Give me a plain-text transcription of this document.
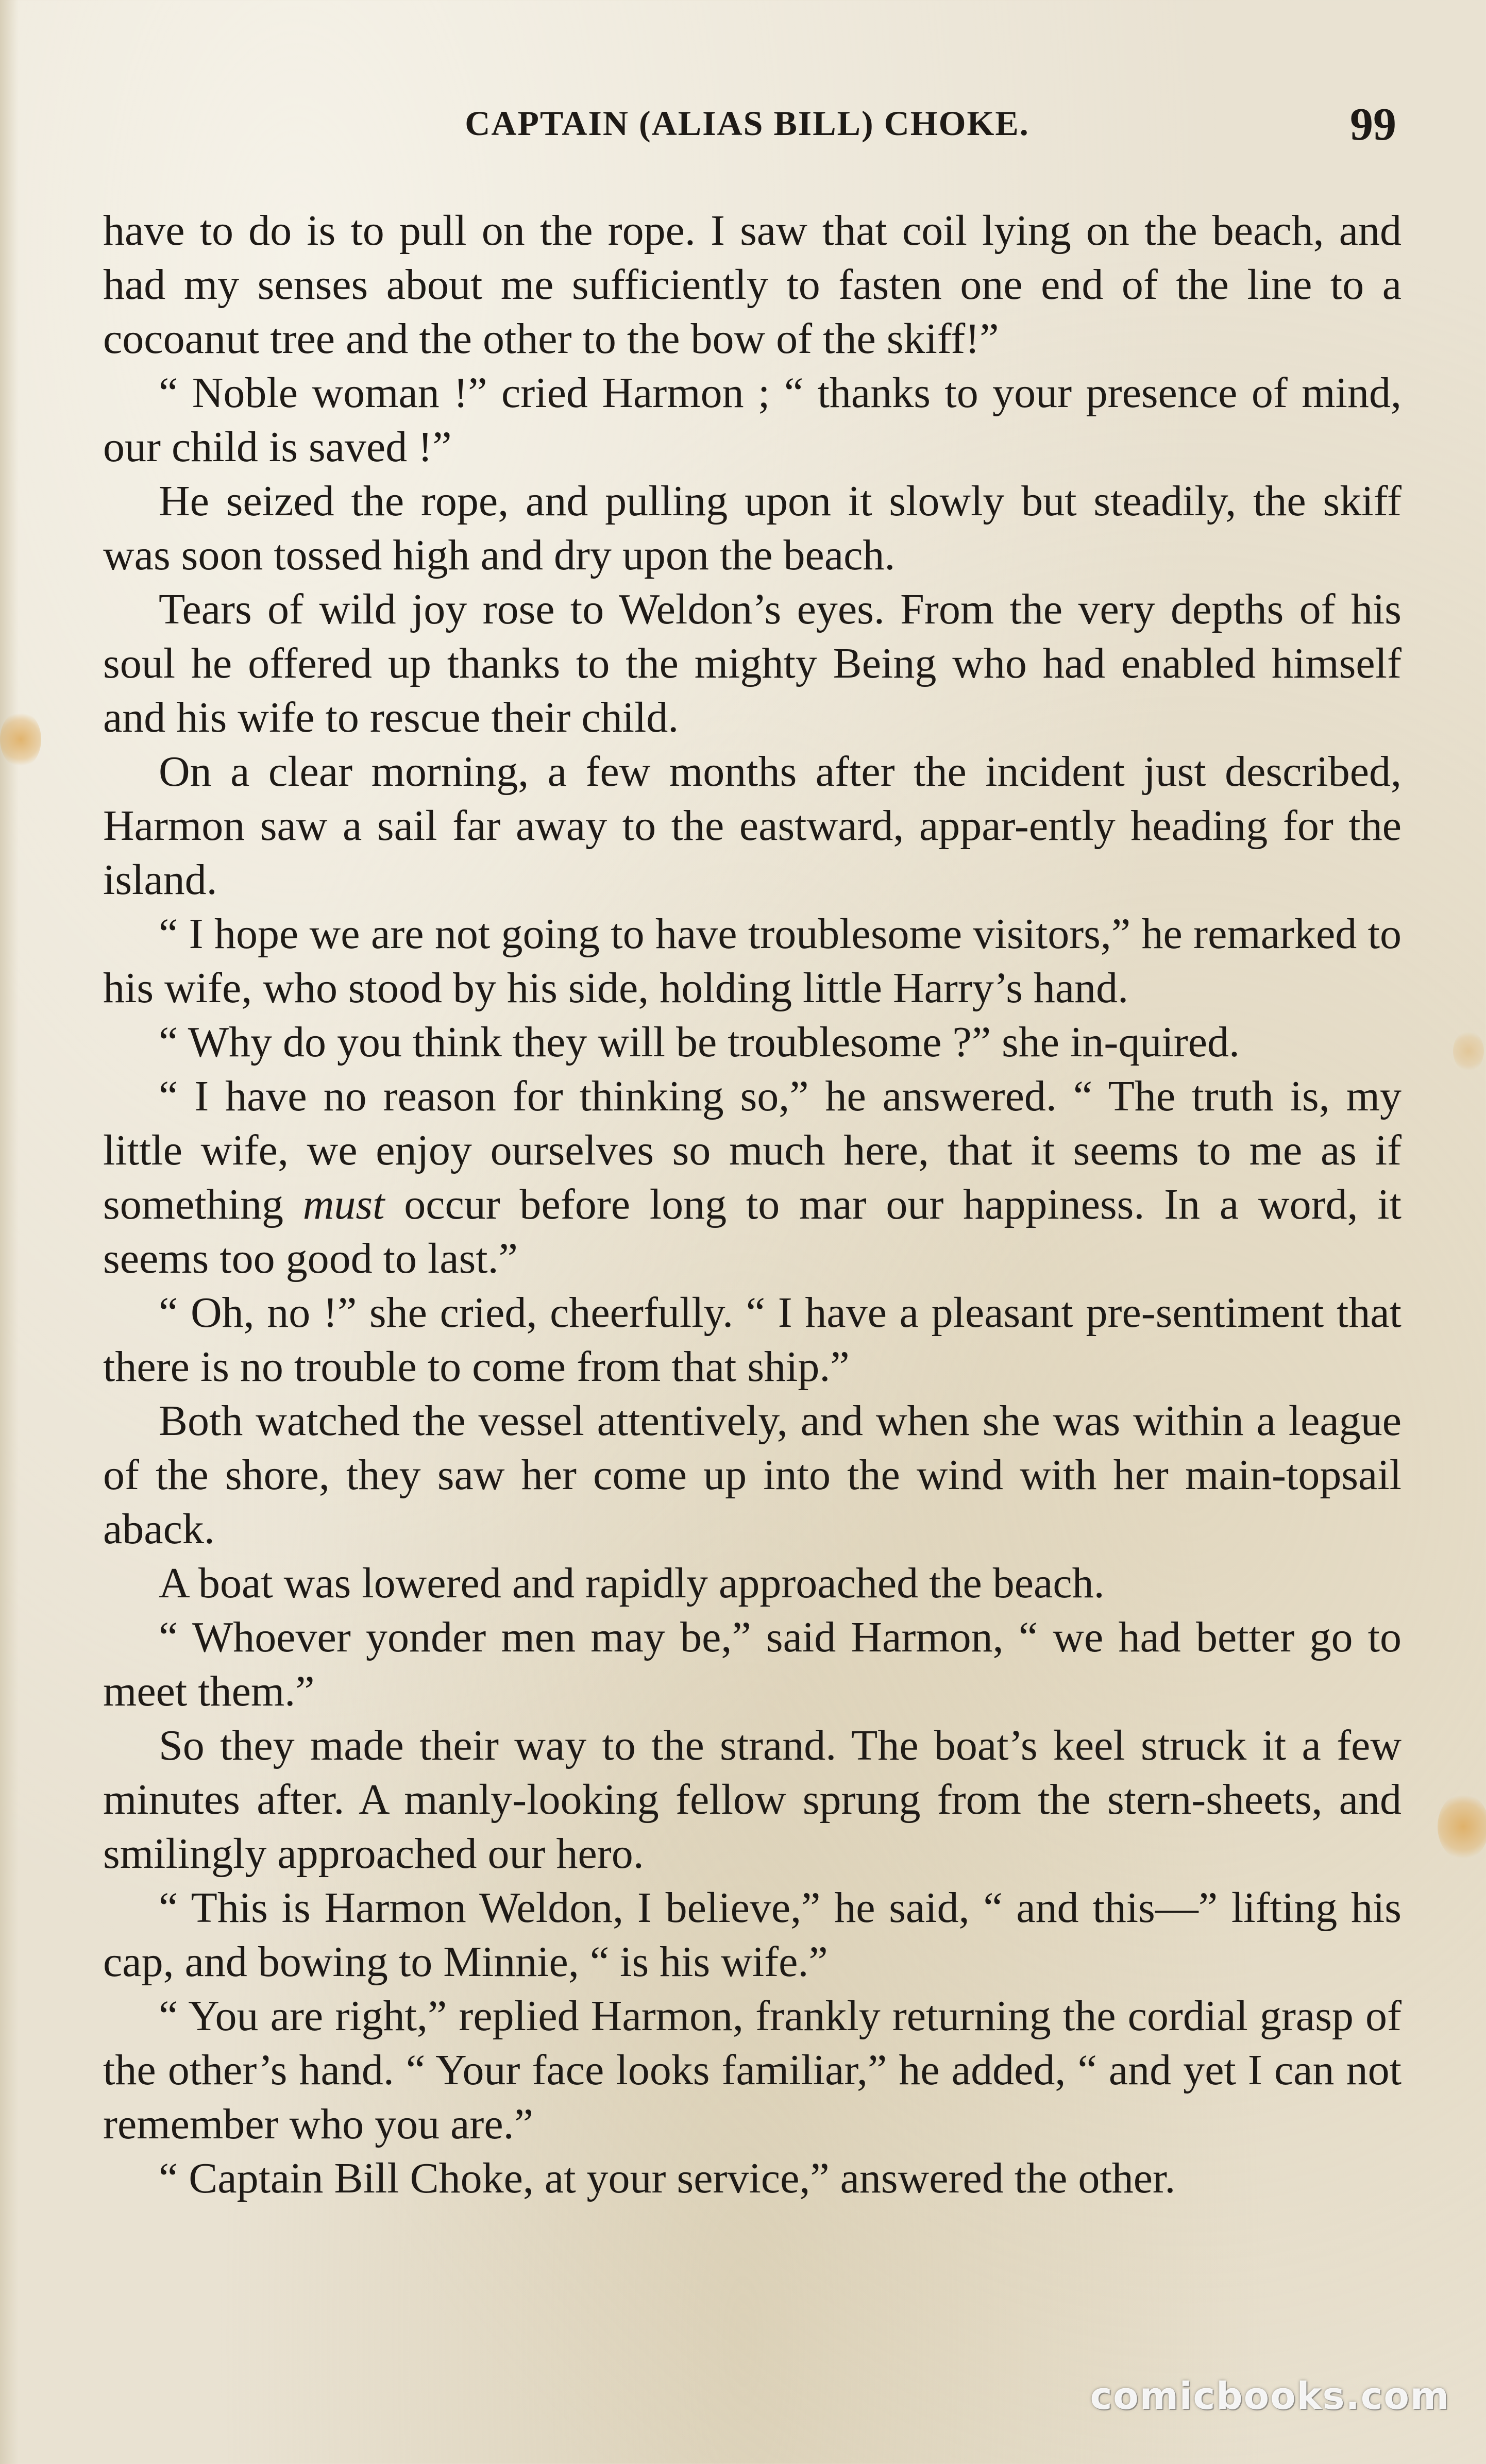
CAPTAIN (ALIAS BILL) CHOKE.	99

have to do is to pull on the rope. I saw that coil lying on the beach, and had my senses about me sufficiently to fasten one end of the line to a cocoanut tree and the other to the bow of the skiff!”

“ Noble woman !” cried Harmon ; “ thanks to your presence of mind, our child is saved !”

He seized the rope, and pulling upon it slowly but steadily, the skiff was soon tossed high and dry upon the beach.

Tears of wild joy rose to Weldon’s eyes. From the very depths of his soul he offered up thanks to the mighty Being who had enabled himself and his wife to rescue their child.

On a clear morning, a few months after the incident just described, Harmon saw a sail far away to the eastward, appar-ently heading for the island.

“ I hope we are not going to have troublesome visitors,” he remarked to his wife, who stood by his side, holding little Harry’s hand.

“ Why do you think they will be troublesome ?” she in-quired.

“ I have no reason for thinking so,” he answered. “ The truth is, my little wife, we enjoy ourselves so much here, that it seems to me as if something must occur before long to mar our happiness. In a word, it seems too good to last.”

“ Oh, no !” she cried, cheerfully. “ I have a pleasant pre-sentiment that there is no trouble to come from that ship.”

Both watched the vessel attentively, and when she was within a league of the shore, they saw her come up into the wind with her main-topsail aback.

A boat was lowered and rapidly approached the beach.

“ Whoever yonder men may be,” said Harmon, “ we had better go to meet them.”

So they made their way to the strand. The boat’s keel struck it a few minutes after. A manly-looking fellow sprung from the stern-sheets, and smilingly approached our hero.

“ This is Harmon Weldon, I believe,” he said, “ and this—” lifting his cap, and bowing to Minnie, “ is his wife.”

“ You are right,” replied Harmon, frankly returning the cordial grasp of the other’s hand. “ Your face looks familiar,” he added, “ and yet I can not remember who you are.”

“ Captain Bill Choke, at your service,” answered the other.

comicbooks.com
